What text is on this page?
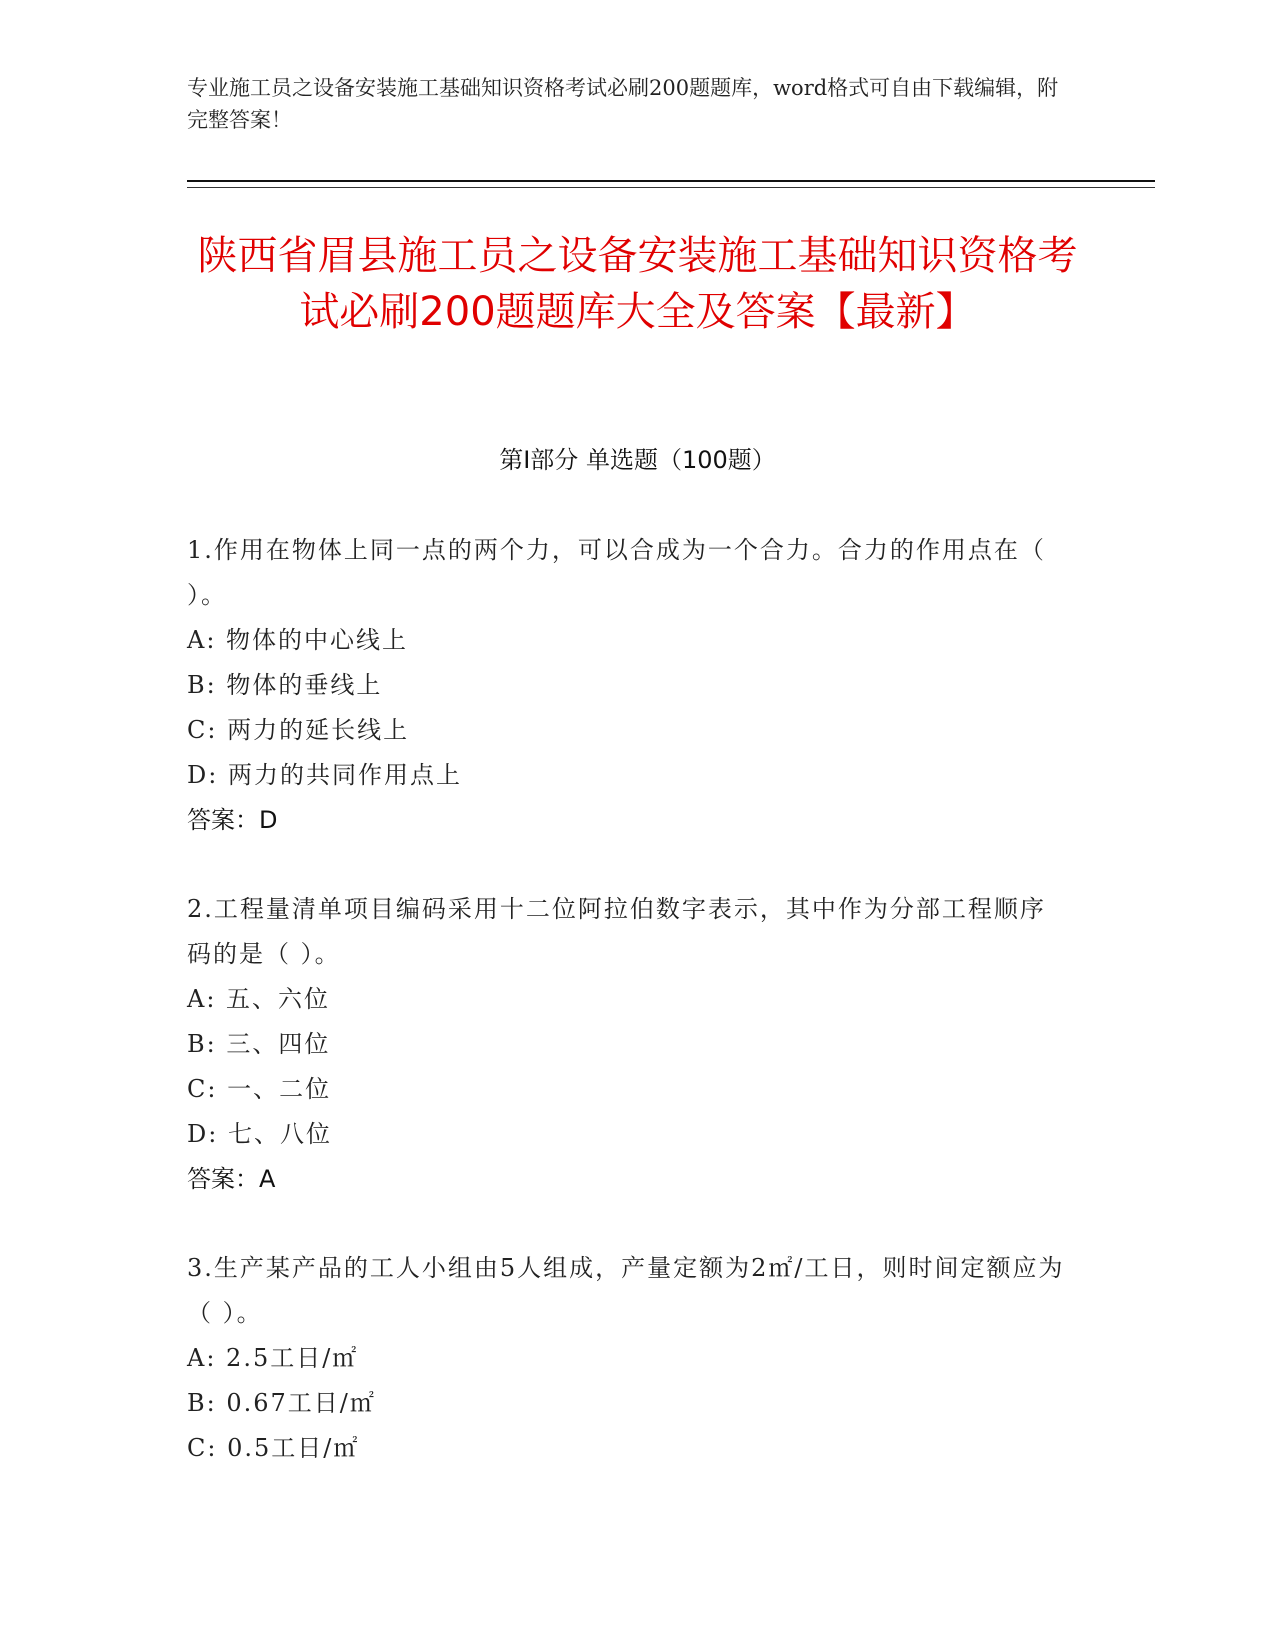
专业施工员之设备安装施工基础知识资格考试必刷200题题库，word格式可自由下载编辑，附完整答案！
陕西省眉县施工员之设备安装施工基础知识资格考试必刷200题题库大全及答案【最新】
第I部分 单选题（100题）
1.作用在物体上同一点的两个力，可以合成为一个合力。合力的作用点在（ ）。
A: 物体的中心线上
B: 物体的垂线上
C: 两力的延长线上
D: 两力的共同作用点上
答案：D
2.工程量清单项目编码采用十二位阿拉伯数字表示，其中作为分部工程顺序码的是（ ）。
A: 五、六位
B: 三、四位
C: 一、二位
D: 七、八位
答案：A
3.生产某产品的工人小组由5人组成，产量定额为2㎡/工日，则时间定额应为（ ）。
A: 2.5工日/㎡
B: 0.67工日/㎡
C: 0.5工日/㎡
